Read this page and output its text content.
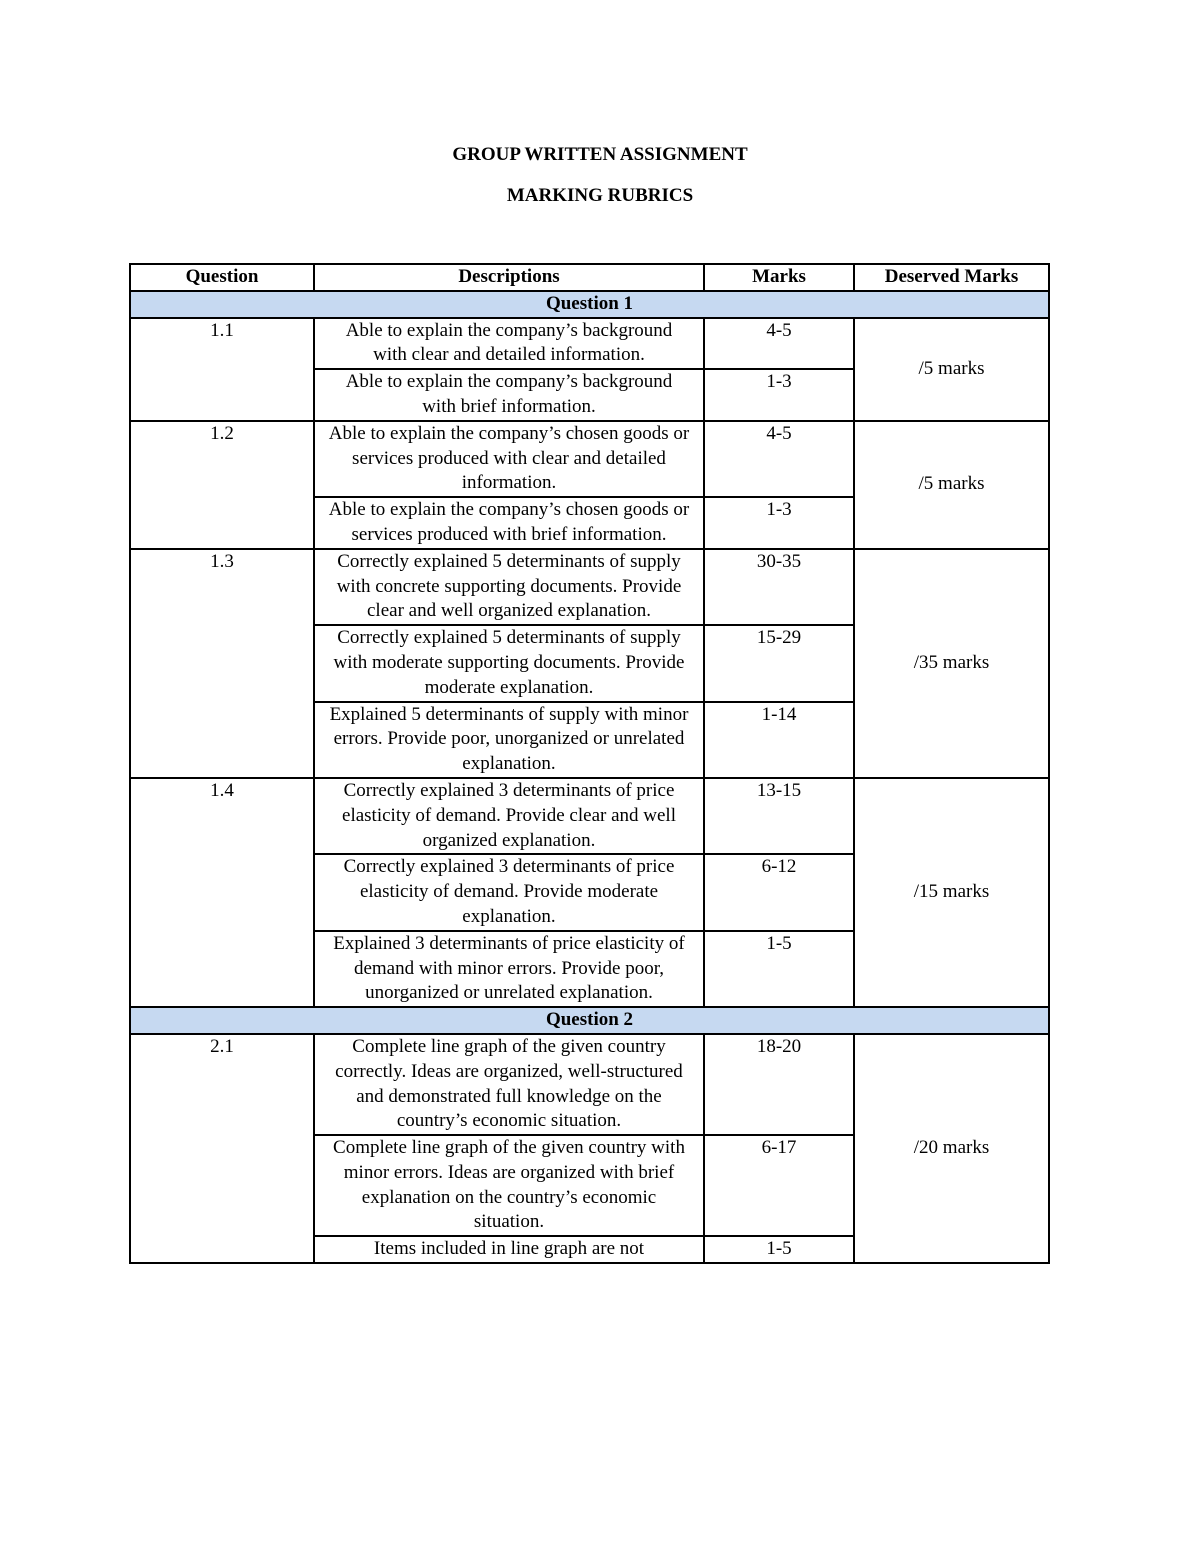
GROUP WRITTEN ASSIGNMENT
MARKING RUBRICS
Question	Descriptions	Marks	Deserved Marks
Question 1			
1.1	Able to explain the company’s background with clear and detailed information.	4-5	/5 marks
	Able to explain the company’s background with brief information.	1-3	
1.2	Able to explain the company’s chosen goods or services produced with clear and detailed information.	4-5	/5 marks
	Able to explain the company’s chosen goods or services produced with brief information.	1-3	
1.3	Correctly explained 5 determinants of supply with concrete supporting documents. Provide clear and well organized explanation.	30-35	/35 marks
	Correctly explained 5 determinants of supply with moderate supporting documents. Provide moderate explanation.	15-29	
	Explained 5 determinants of supply with minor errors. Provide poor, unorganized or unrelated explanation.	1-14	
1.4	Correctly explained 3 determinants of price elasticity of demand. Provide clear and well organized explanation.	13-15	/15 marks
	Correctly explained 3 determinants of price elasticity of demand. Provide moderate explanation.	6-12	
	Explained 3 determinants of price elasticity of demand with minor errors. Provide poor, unorganized or unrelated explanation.	1-5	
Question 2			
2.1	Complete line graph of the given country correctly. Ideas are organized, well-structured and demonstrated full knowledge on the country’s economic situation.	18-20	/20 marks
	Complete line graph of the given country with minor errors. Ideas are organized with brief explanation on the country’s economic situation.	6-17	

	Items included in line graph are not	1-5	
